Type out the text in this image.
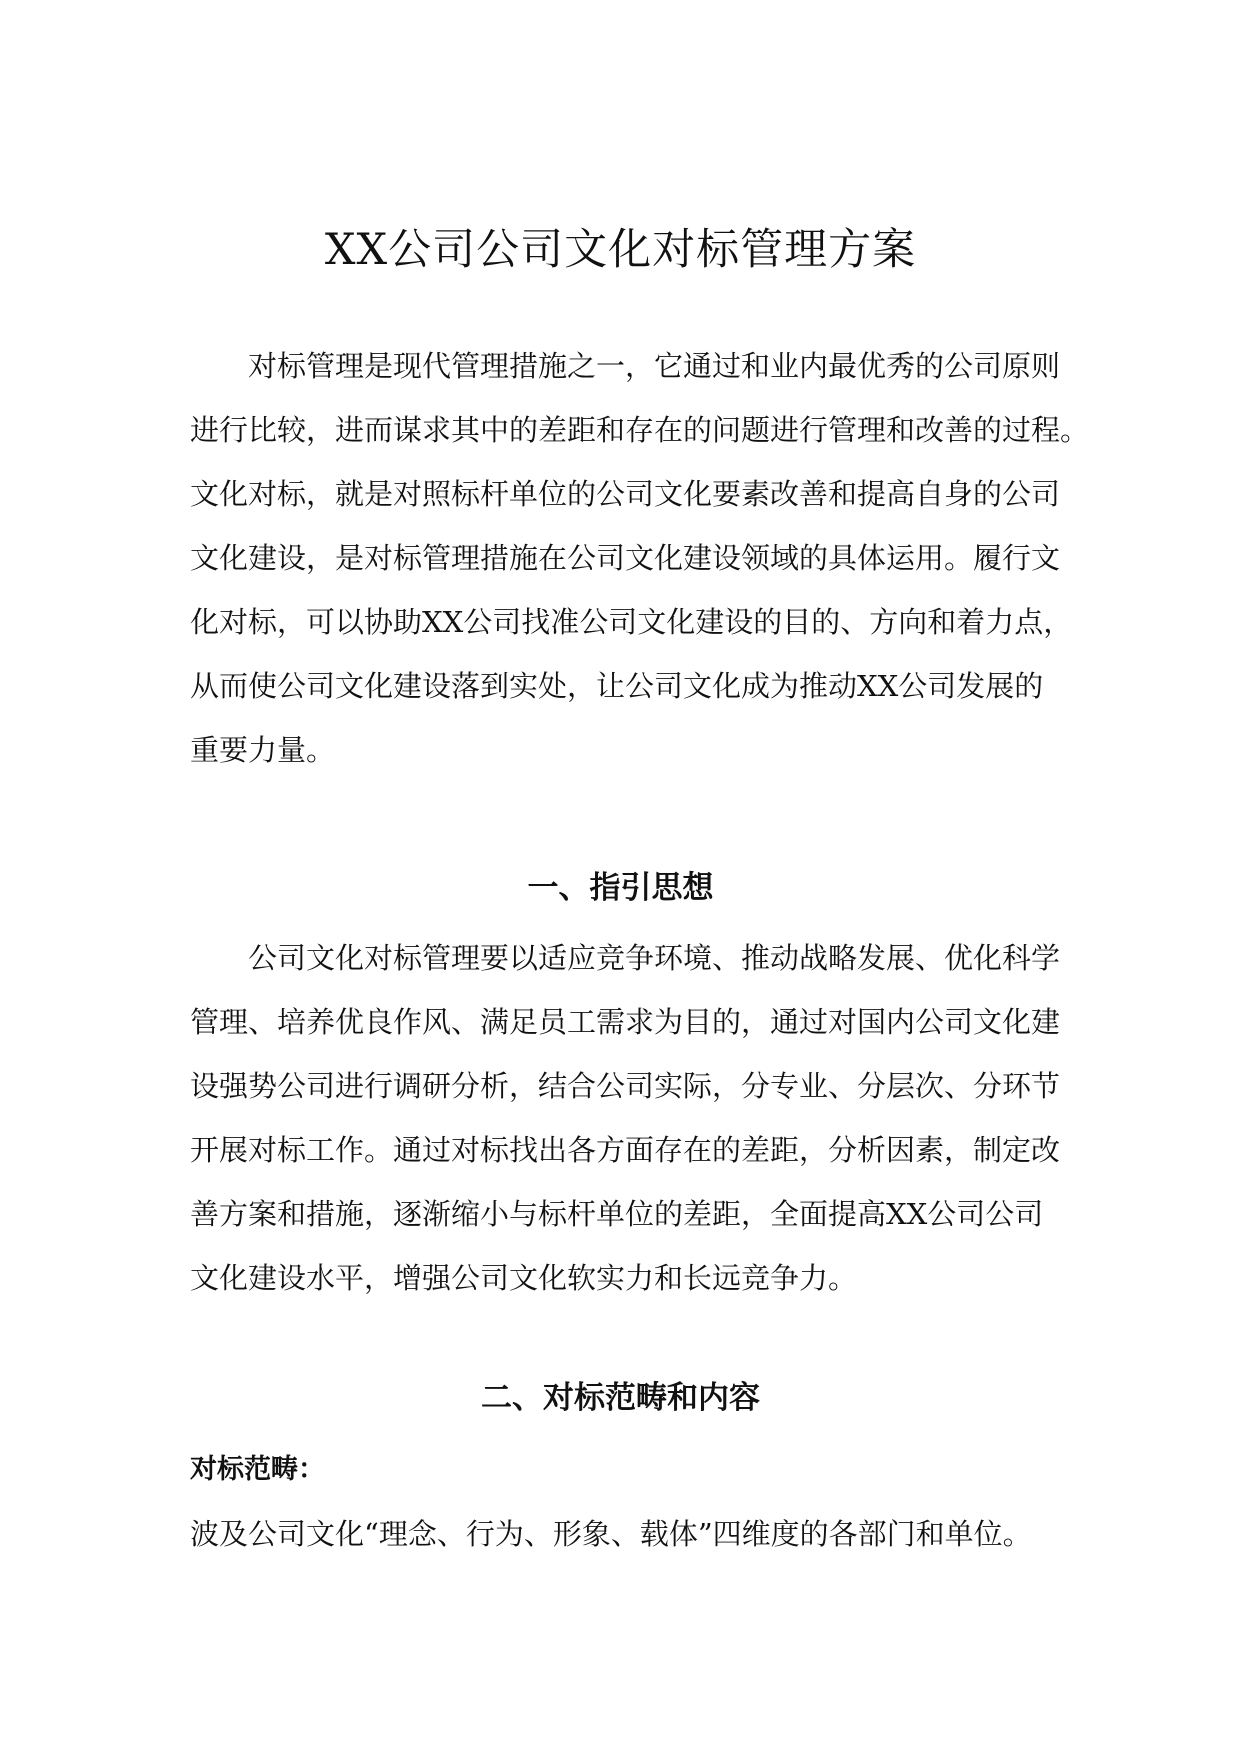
XX公司公司文化对标管理方案
对标管理是现代管理措施之一，它通过和业内最优秀的公司原则
进行比较，进而谋求其中的差距和存在的问题进行管理和改善的过程。
文化对标，就是对照标杆单位的公司文化要素改善和提高自身的公司
文化建设，是对标管理措施在公司文化建设领域的具体运用。履行文
化对标，可以协助XX公司找准公司文化建设的目的、方向和着力点，
从而使公司文化建设落到实处，让公司文化成为推动XX公司发展的
重要力量。
一、指引思想
公司文化对标管理要以适应竞争环境、推动战略发展、优化科学
管理、培养优良作风、满足员工需求为目的，通过对国内公司文化建
设强势公司进行调研分析，结合公司实际，分专业、分层次、分环节
开展对标工作。通过对标找出各方面存在的差距，分析因素，制定改
善方案和措施，逐渐缩小与标杆单位的差距，全面提高XX公司公司
文化建设水平，增强公司文化软实力和长远竞争力。
二、对标范畴和内容
对标范畴：
波及公司文化“理念、行为、形象、载体”四维度的各部门和单位。
